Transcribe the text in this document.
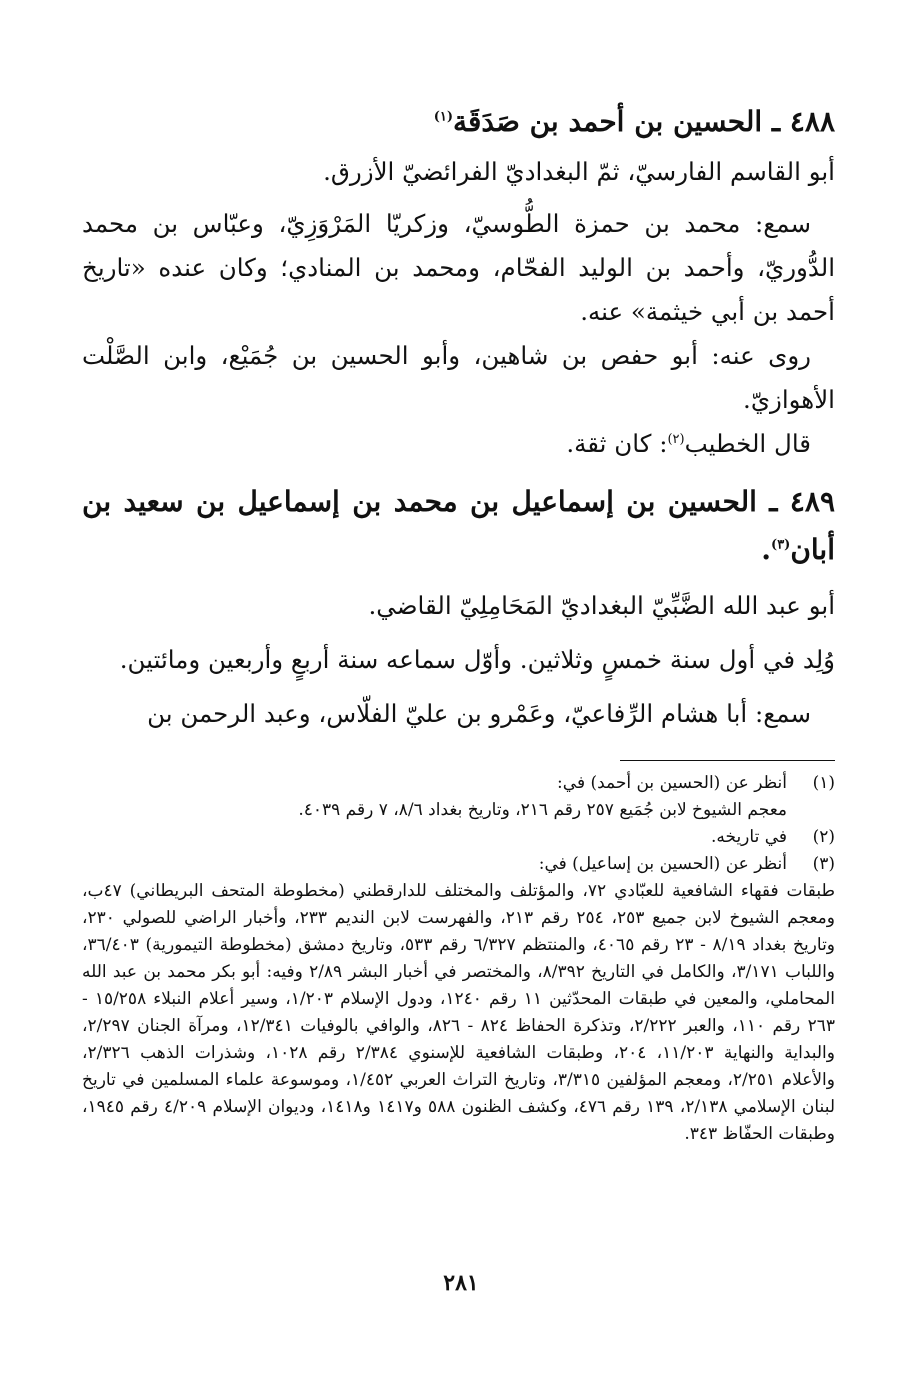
٤٨٨ ـ الحسين بن أحمد بن صَدَقَة$^{(١)}$

أبو القاسم الفارسيّ، ثمّ البغداديّ الفرائضيّ الأزرق.

سمع: محمد بن حمزة الطُّوسيّ، وزكريّا المَرْوَزِيّ، وعبّاس بن محمد الدُّوريّ، وأحمد بن الوليد الفحّام، ومحمد بن المنادي؛ وكان عنده «تاريخ أحمد بن أبي خيثمة» عنه.

روى عنه: أبو حفص بن شاهين، وأبو الحسين بن جُمَيْع، وابن الصَّلْت الأهوازيّ.

قال الخطيب$^{(٢)}$: كان ثقة.

٤٨٩ ـ الحسين بن إسماعيل بن محمد بن إسماعيل بن سعيد بن أبان$^{(٣)}$.

أبو عبد الله الضَّبِّيّ البغداديّ المَحَامِلِيّ القاضي.

وُلِد في أول سنة خمسٍ وثلاثين. وأوّل سماعه سنة أربعٍ وأربعين ومائتين.

سمع: أبا هشام الرِّفاعيّ، وعَمْرو بن عليّ الفلّاس، وعبد الرحمن بن

(١)
أنظر عن (الحسين بن أحمد) في:

معجم الشيوخ لابن جُمَيع ٢٥٧ رقم ٢١٦، وتاريخ بغداد ٨/٦، ٧ رقم ٤٠٣٩.

(٢)
في تاريخه.
(٣)
أنظر عن (الحسين بن إساعيل) في:

طبقات فقهاء الشافعية للعبّادي ٧٢، والمؤتلف والمختلف للدارقطني (مخطوطة المتحف البريطاني) ٤٧ب، ومعجم الشيوخ لابن جميع ٢٥٣، ٢٥٤ رقم ٢١٣، والفهرست لابن النديم ٢٣٣، وأخبار الراضي للصولي ٢٣٠، وتاريخ بغداد ٨/١٩ - ٢٣ رقم ٤٠٦٥، والمنتظم ٦/٣٢٧ رقم ٥٣٣، وتاريخ دمشق (مخطوطة التيمورية) ٣٦/٤٠٣، واللباب ٣/١٧١، والكامل في التاريخ ٨/٣٩٢، والمختصر في أخبار البشر ٢/٨٩ وفيه: أبو بكر محمد بن عبد الله المحاملي، والمعين في طبقات المحدّثين ١١ رقم ١٢٤٠، ودول الإسلام ١/٢٠٣، وسير أعلام النبلاء ١٥/٢٥٨ - ٢٦٣ رقم ١١٠، والعبر ٢/٢٢٢، وتذكرة الحفاظ ٨٢٤ - ٨٢٦، والوافي بالوفيات ١٢/٣٤١، ومرآة الجنان ٢/٢٩٧، والبداية والنهاية ١١/٢٠٣، ٢٠٤، وطبقات الشافعية للإسنوي ٢/٣٨٤ رقم ١٠٢٨، وشذرات الذهب ٢/٣٢٦، والأعلام ٢/٢٥١، ومعجم المؤلفين ٣/٣١٥، وتاريخ التراث العربي ١/٤٥٢، وموسوعة علماء المسلمين في تاريخ لبنان الإسلامي ٢/١٣٨، ١٣٩ رقم ٤٧٦، وكشف الظنون ٥٨٨ و١٤١٧ و١٤١٨، وديوان الإسلام ٤/٢٠٩ رقم ١٩٤٥، وطبقات الحفّاظ ٣٤٣.

٢٨١
